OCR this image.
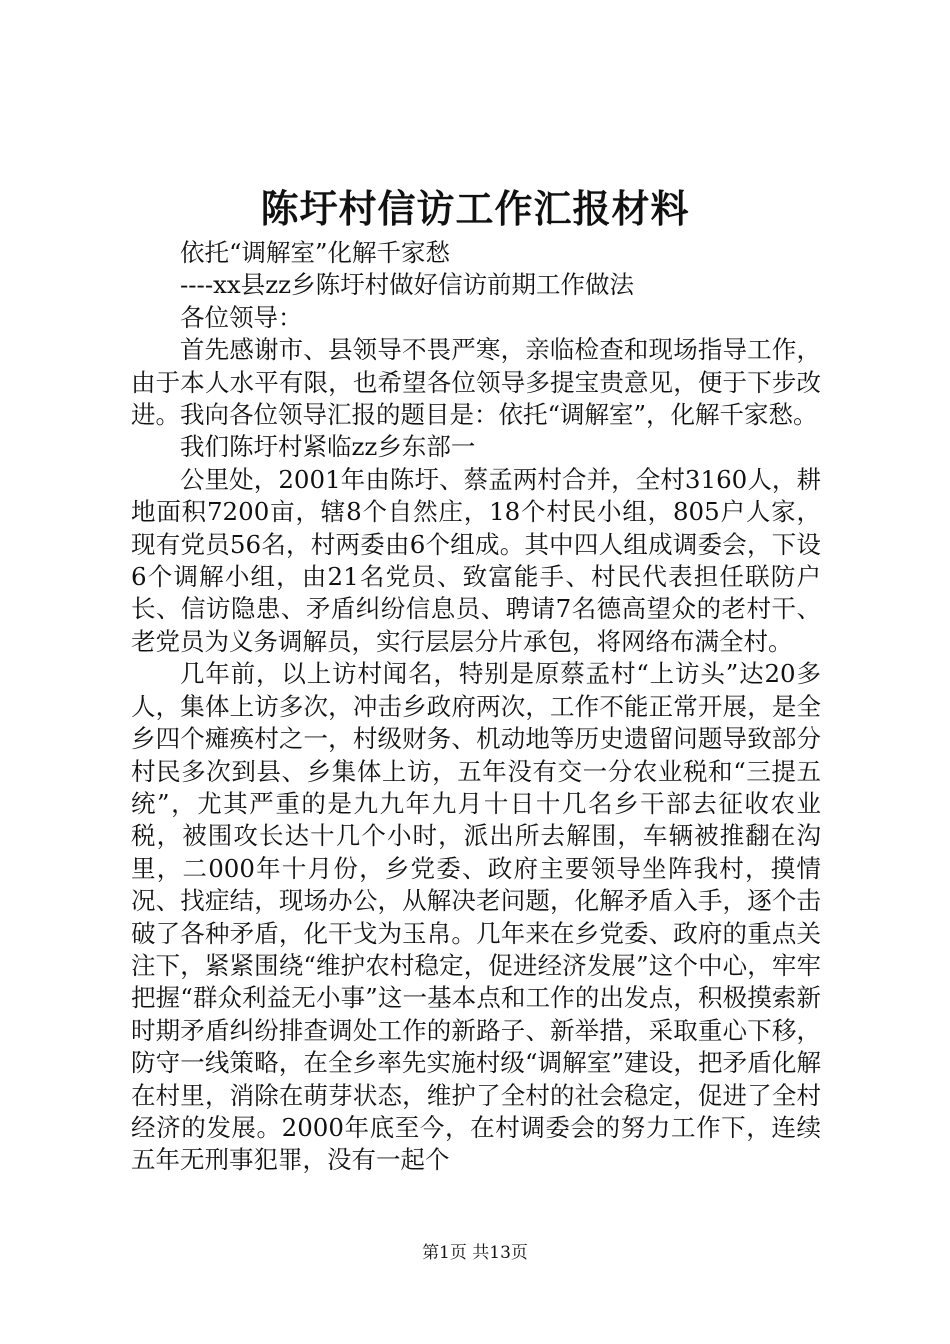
陈圩村信访工作汇报材料

依托“调解室”化解千家愁

----xx县zz乡陈圩村做好信访前期工作做法

各位领导：

首先感谢市、县领导不畏严寒，亲临检查和现场指导工作，由于本人水平有限，也希望各位领导多提宝贵意见，便于下步改进。我向各位领导汇报的题目是：依托“调解室”，化解千家愁。

我们陈圩村紧临zz乡东部一

公里处，2001年由陈圩、蔡孟两村合并，全村3160人，耕地面积7200亩，辖8个自然庄，18个村民小组，805户人家，现有党员56名，村两委由6个组成。其中四人组成调委会，下设6个调解小组，由21名党员、致富能手、村民代表担任联防户长、信访隐患、矛盾纠纷信息员、聘请7名德高望众的老村干、老党员为义务调解员，实行层层分片承包，将网络布满全村。

几年前，以上访村闻名，特别是原蔡孟村“上访头”达20多人，集体上访多次，冲击乡政府两次，工作不能正常开展，是全乡四个瘫痪村之一，村级财务、机动地等历史遗留问题导致部分村民多次到县、乡集体上访，五年没有交一分农业税和“三提五统”，尤其严重的是九九年九月十日十几名乡干部去征收农业税，被围攻长达十几个小时，派出所去解围，车辆被推翻在沟里，二000年十月份，乡党委、政府主要领导坐阵我村，摸情况、找症结，现场办公，从解决老问题，化解矛盾入手，逐个击破了各种矛盾，化干戈为玉帛。几年来在乡党委、政府的重点关注下，紧紧围绕“维护农村稳定，促进经济发展”这个中心，牢牢把握“群众利益无小事”这一基本点和工作的出发点，积极摸索新时期矛盾纠纷排查调处工作的新路子、新举措，采取重心下移，防守一线策略，在全乡率先实施村级“调解室”建设，把矛盾化解在村里，消除在萌芽状态，维护了全村的社会稳定，促进了全村经济的发展。2000年底至今，在村调委会的努力工作下，连续五年无刑事犯罪，没有一起个

第1页 共13页
